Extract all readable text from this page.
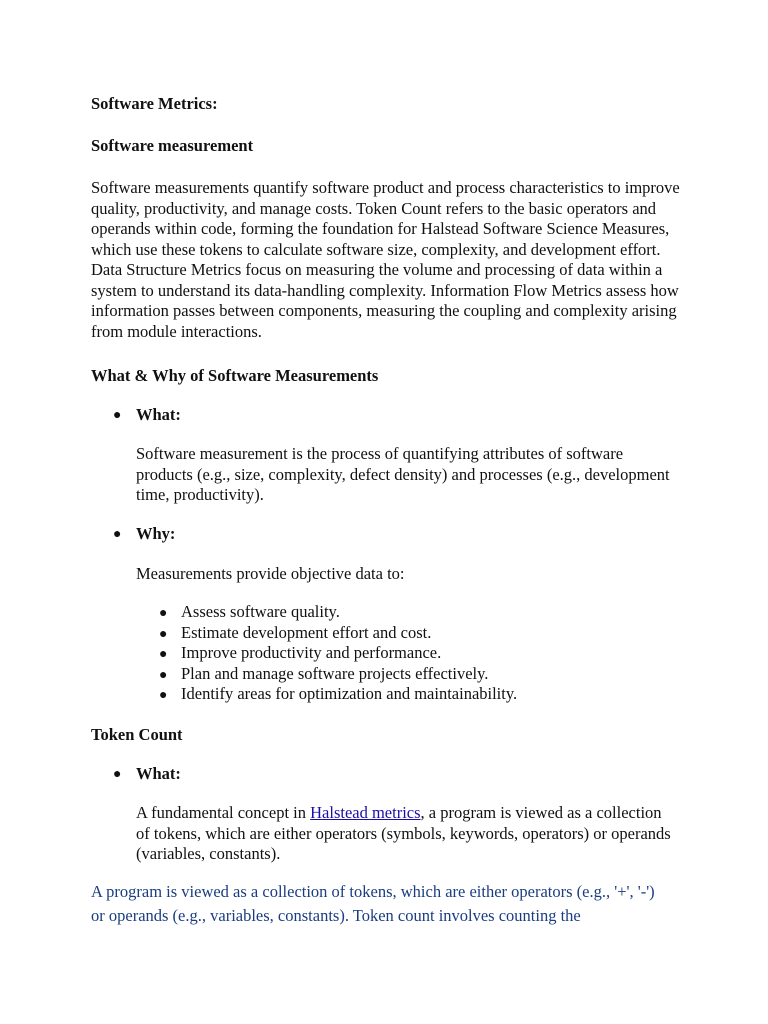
Software Metrics:

Software measurement

Software measurements quantify software product and process characteristics to improve quality, productivity, and manage costs. Token Count refers to the basic operators and operands within code, forming the foundation for Halstead Software Science Measures, which use these tokens to calculate software size, complexity, and development effort. Data Structure Metrics focus on measuring the volume and processing of data within a system to understand its data-handling complexity. Information Flow Metrics assess how information passes between components, measuring the coupling and complexity arising from module interactions.

What & Why of Software Measurements

● What:

Software measurement is the process of quantifying attributes of software products (e.g., size, complexity, defect density) and processes (e.g., development time, productivity).

● Why:

Measurements provide objective data to:

● Assess software quality.
● Estimate development effort and cost.
● Improve productivity and performance.
● Plan and manage software projects effectively.
● Identify areas for optimization and maintainability.

Token Count

● What:

A fundamental concept in Halstead metrics, a program is viewed as a collection of tokens, which are either operators (symbols, keywords, operators) or operands (variables, constants).

A program is viewed as a collection of tokens, which are either operators (e.g., '+', '-') or operands (e.g., variables, constants). Token count involves counting the
